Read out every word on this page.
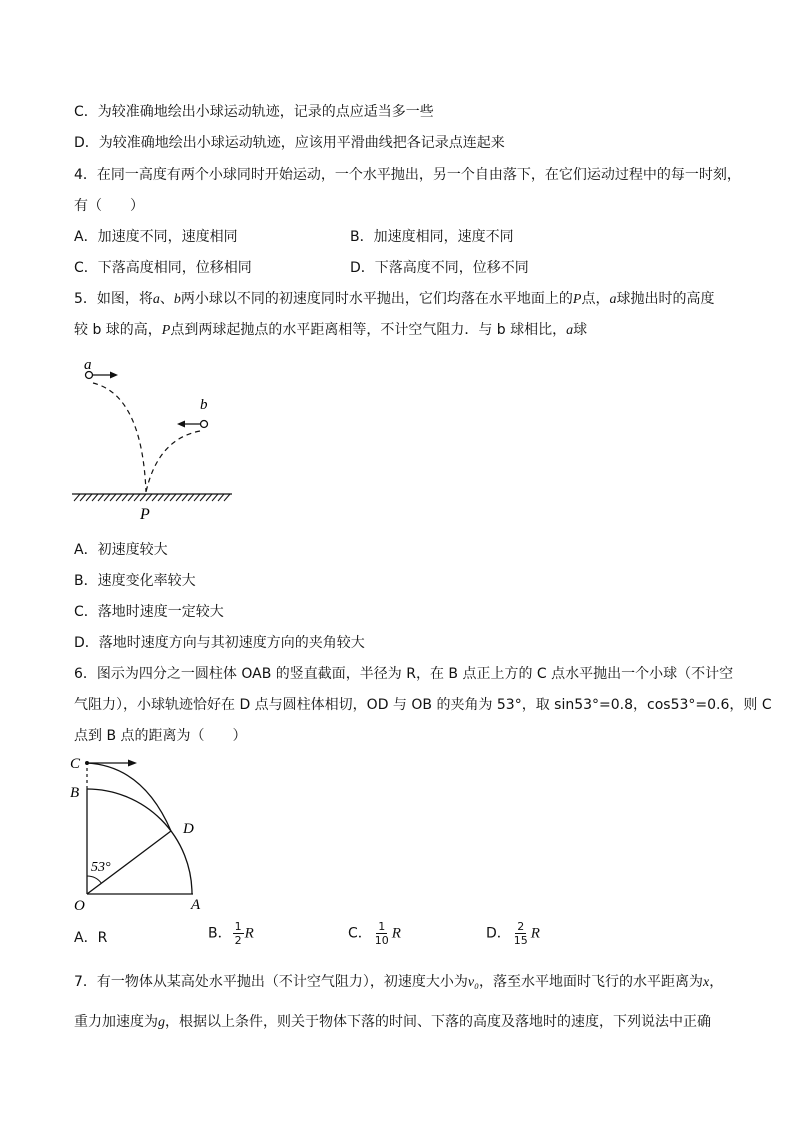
C．为较准确地绘出小球运动轨迹，记录的点应适当多一些
D．为较准确地绘出小球运动轨迹，应该用平滑曲线把各记录点连起来
4．在同一高度有两个小球同时开始运动，一个水平抛出，另一个自由落下，在它们运动过程中的每一时刻，
有（　　）
A．加速度不同，速度相同	B．加速度相同，速度不同
C．下落高度相同，位移相同	D．下落高度不同，位移不同
5．如图，将a、b两小球以不同的初速度同时水平抛出，它们均落在水平地面上的P点，a球抛出时的高度
较 b 球的高，P点到两球起抛点的水平距离相等，不计空气阻力．与 b 球相比，a球
a
b
P
A．初速度较大
B．速度变化率较大
C．落地时速度一定较大
D．落地时速度方向与其初速度方向的夹角较大
6．图示为四分之一圆柱体 OAB 的竖直截面，半径为 R，在 B 点正上方的 C 点水平抛出一个小球（不计空
气阻力），小球轨迹恰好在 D 点与圆柱体相切，OD 与 OB 的夹角为 53°，取 sin53°=0.8，cos53°=0.6，则 C
点到 B 点的距离为（　　）
C
B
D
O	A
53°
A．R	B． $\frac{1}{2}$ R	C． $\frac{1}{10}$ R	D． $\frac{2}{15}$ R
7．有一物体从某高处水平抛出（不计空气阻力），初速度大小为v₀，落至水平地面时飞行的水平距离为x，
重力加速度为g，根据以上条件，则关于物体下落的时间、下落的高度及落地时的速度，下列说法中正确
